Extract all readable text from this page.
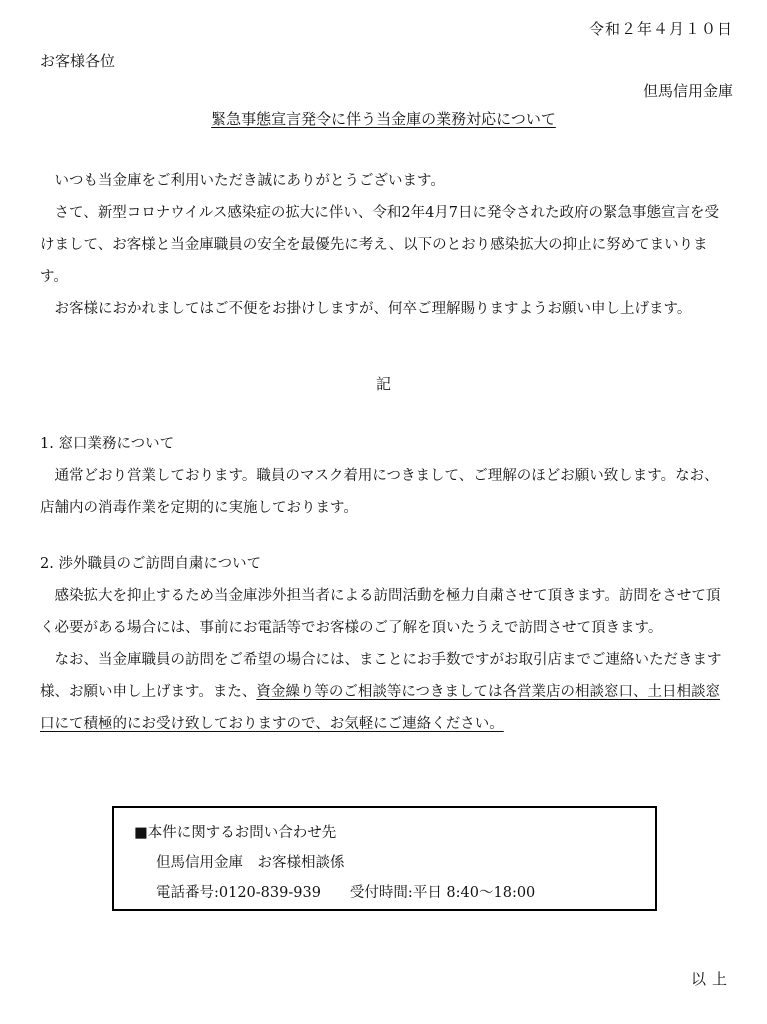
令和２年４月１０日
お客様各位
但馬信用金庫
緊急事態宣言発令に伴う当金庫の業務対応について

いつも当金庫をご利用いただき誠にありがとうございます。

さて、新型コロナウイルス感染症の拡大に伴い、令和2年4月7日に発令された政府の緊急事態宣言を受けまして、お客様と当金庫職員の安全を最優先に考え、以下のとおり感染拡大の抑止に努めてまいります。

お客様におかれましてはご不便をお掛けしますが、何卒ご理解賜りますようお願い申し上げます。

記
1. 窓口業務について

通常どおり営業しております。職員のマスク着用につきまして、ご理解のほどお願い致します。なお、店舗内の消毒作業を定期的に実施しております。

2. 渉外職員のご訪問自粛について

感染拡大を抑止するため当金庫渉外担当者による訪問活動を極力自粛させて頂きます。訪問をさせて頂く必要がある場合には、事前にお電話等でお客様のご了解を頂いたうえで訪問させて頂きます。

なお、当金庫職員の訪問をご希望の場合には、まことにお手数ですがお取引店までご連絡いただきます様、お願い申し上げます。また、資金繰り等のご相談等につきましては各営業店の相談窓口、土日相談窓口にて積極的にお受け致しておりますので、お気軽にご連絡ください。

■本件に関するお問い合わせ先
但馬信用金庫　お客様相談係
電話番号:0120-839-939　　受付時間:平日 8:40～18:00
以上
